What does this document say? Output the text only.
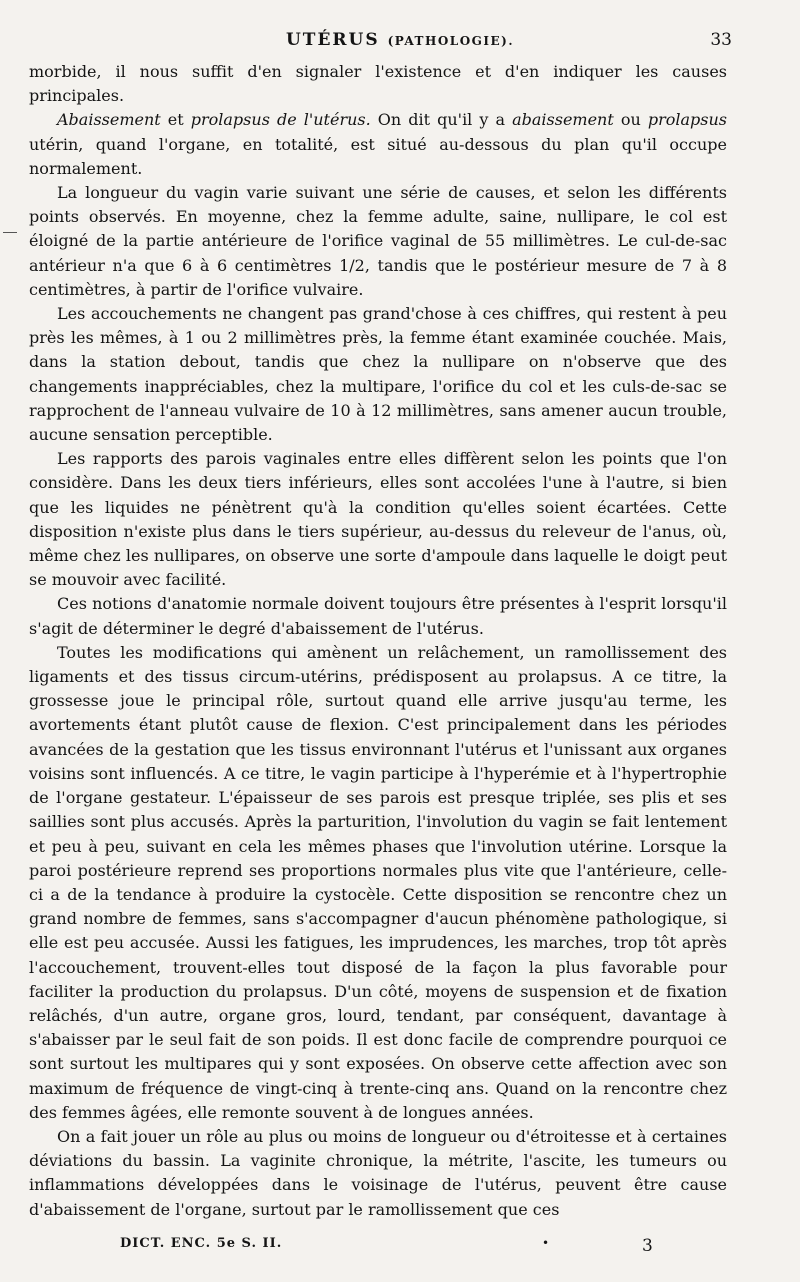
UTÉRUS (PATHOLOGIE).	33

morbide, il nous suffit d'en signaler l'existence et d'en indiquer les causes principales.

Abaissement et prolapsus de l'utérus. On dit qu'il y a abaissement ou prolapsus utérin, quand l'organe, en totalité, est situé au-dessous du plan qu'il occupe normalement.

La longueur du vagin varie suivant une série de causes, et selon les différents points observés. En moyenne, chez la femme adulte, saine, nullipare, le col est éloigné de la partie antérieure de l'orifice vaginal de 55 millimètres. Le cul-de-sac antérieur n'a que 6 à 6 centimètres 1/2, tandis que le postérieur mesure de 7 à 8 centimètres, à partir de l'orifice vulvaire.

Les accouchements ne changent pas grand'chose à ces chiffres, qui restent à peu près les mêmes, à 1 ou 2 millimètres près, la femme étant examinée couchée. Mais, dans la station debout, tandis que chez la nullipare on n'observe que des changements inappréciables, chez la multipare, l'orifice du col et les culs-de-sac se rapprochent de l'anneau vulvaire de 10 à 12 millimètres, sans amener aucun trouble, aucune sensation perceptible.

Les rapports des parois vaginales entre elles diffèrent selon les points que l'on considère. Dans les deux tiers inférieurs, elles sont accolées l'une à l'autre, si bien que les liquides ne pénètrent qu'à la condition qu'elles soient écartées. Cette disposition n'existe plus dans le tiers supérieur, au-dessus du releveur de l'anus, où, même chez les nullipares, on observe une sorte d'ampoule dans laquelle le doigt peut se mouvoir avec facilité.

Ces notions d'anatomie normale doivent toujours être présentes à l'esprit lorsqu'il s'agit de déterminer le degré d'abaissement de l'utérus.

Toutes les modifications qui amènent un relâchement, un ramollissement des ligaments et des tissus circum-utérins, prédisposent au prolapsus. A ce titre, la grossesse joue le principal rôle, surtout quand elle arrive jusqu'au terme, les avortements étant plutôt cause de flexion. C'est principalement dans les périodes avancées de la gestation que les tissus environnant l'utérus et l'unissant aux organes voisins sont influencés. A ce titre, le vagin participe à l'hyperémie et à l'hypertrophie de l'organe gestateur. L'épaisseur de ses parois est presque triplée, ses plis et ses saillies sont plus accusés. Après la parturition, l'involution du vagin se fait lentement et peu à peu, suivant en cela les mêmes phases que l'involution utérine. Lorsque la paroi postérieure reprend ses proportions normales plus vite que l'antérieure, celle-ci a de la tendance à produire la cystocèle. Cette disposition se rencontre chez un grand nombre de femmes, sans s'accompagner d'aucun phénomène pathologique, si elle est peu accusée. Aussi les fatigues, les imprudences, les marches, trop tôt après l'accouchement, trouvent-elles tout disposé de la façon la plus favorable pour faciliter la production du prolapsus. D'un côté, moyens de suspension et de fixation relâchés, d'un autre, organe gros, lourd, tendant, par conséquent, davantage à s'abaisser par le seul fait de son poids. Il est donc facile de comprendre pourquoi ce sont surtout les multipares qui y sont exposées. On observe cette affection avec son maximum de fréquence de vingt-cinq à trente-cinq ans. Quand on la rencontre chez des femmes âgées, elle remonte souvent à de longues années.

On a fait jouer un rôle au plus ou moins de longueur ou d'étroitesse et à certaines déviations du bassin. La vaginite chronique, la métrite, l'ascite, les tumeurs ou inflammations développées dans le voisinage de l'utérus, peuvent être cause d'abaissement de l'organe, surtout par le ramollissement que ces

DICT. ENC. 5e S. II.	•	3
